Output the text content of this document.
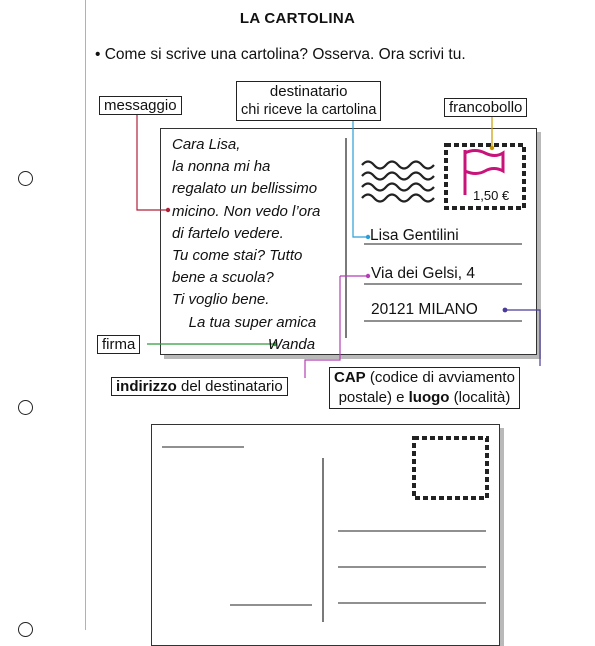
LA CARTOLINA
• Come si scrive una cartolina? Osserva. Ora scrivi tu.
Cara Lisa,
la nonna mi ha
regalato un bellissimo
micino. Non vedo l’ora
di fartelo vedere.
Tu come stai? Tutto
bene a scuola?
Ti voglio bene.
La tua super amica
Wanda
1,50 €
Lisa Gentilini
Via dei Gelsi, 4
20121 MILANO
messaggio
destinatario
chi riceve la cartolina	francobollo
firma
indirizzo del destinatario
CAP (codice di avviamento
postale) e luogo (località)
